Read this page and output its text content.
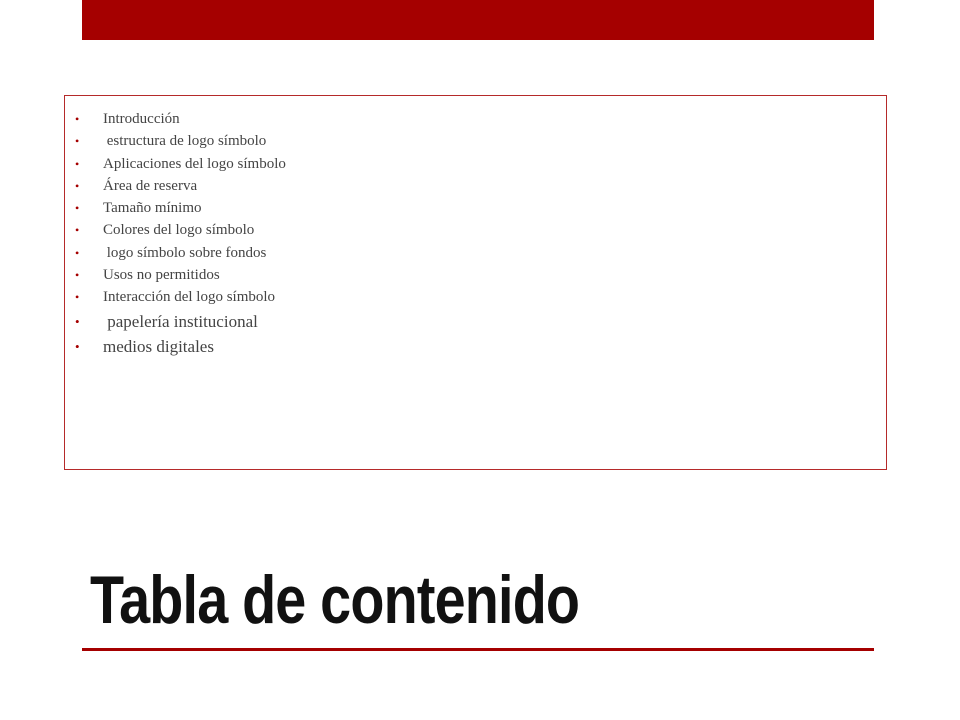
• Introducción
• estructura de logo símbolo
• Aplicaciones del logo símbolo
• Área de reserva
• Tamaño mínimo
• Colores del logo símbolo
• logo símbolo sobre fondos
• Usos no permitidos
• Interacción del logo símbolo
• papelería institucional
• medios digitales
Tabla de contenido
